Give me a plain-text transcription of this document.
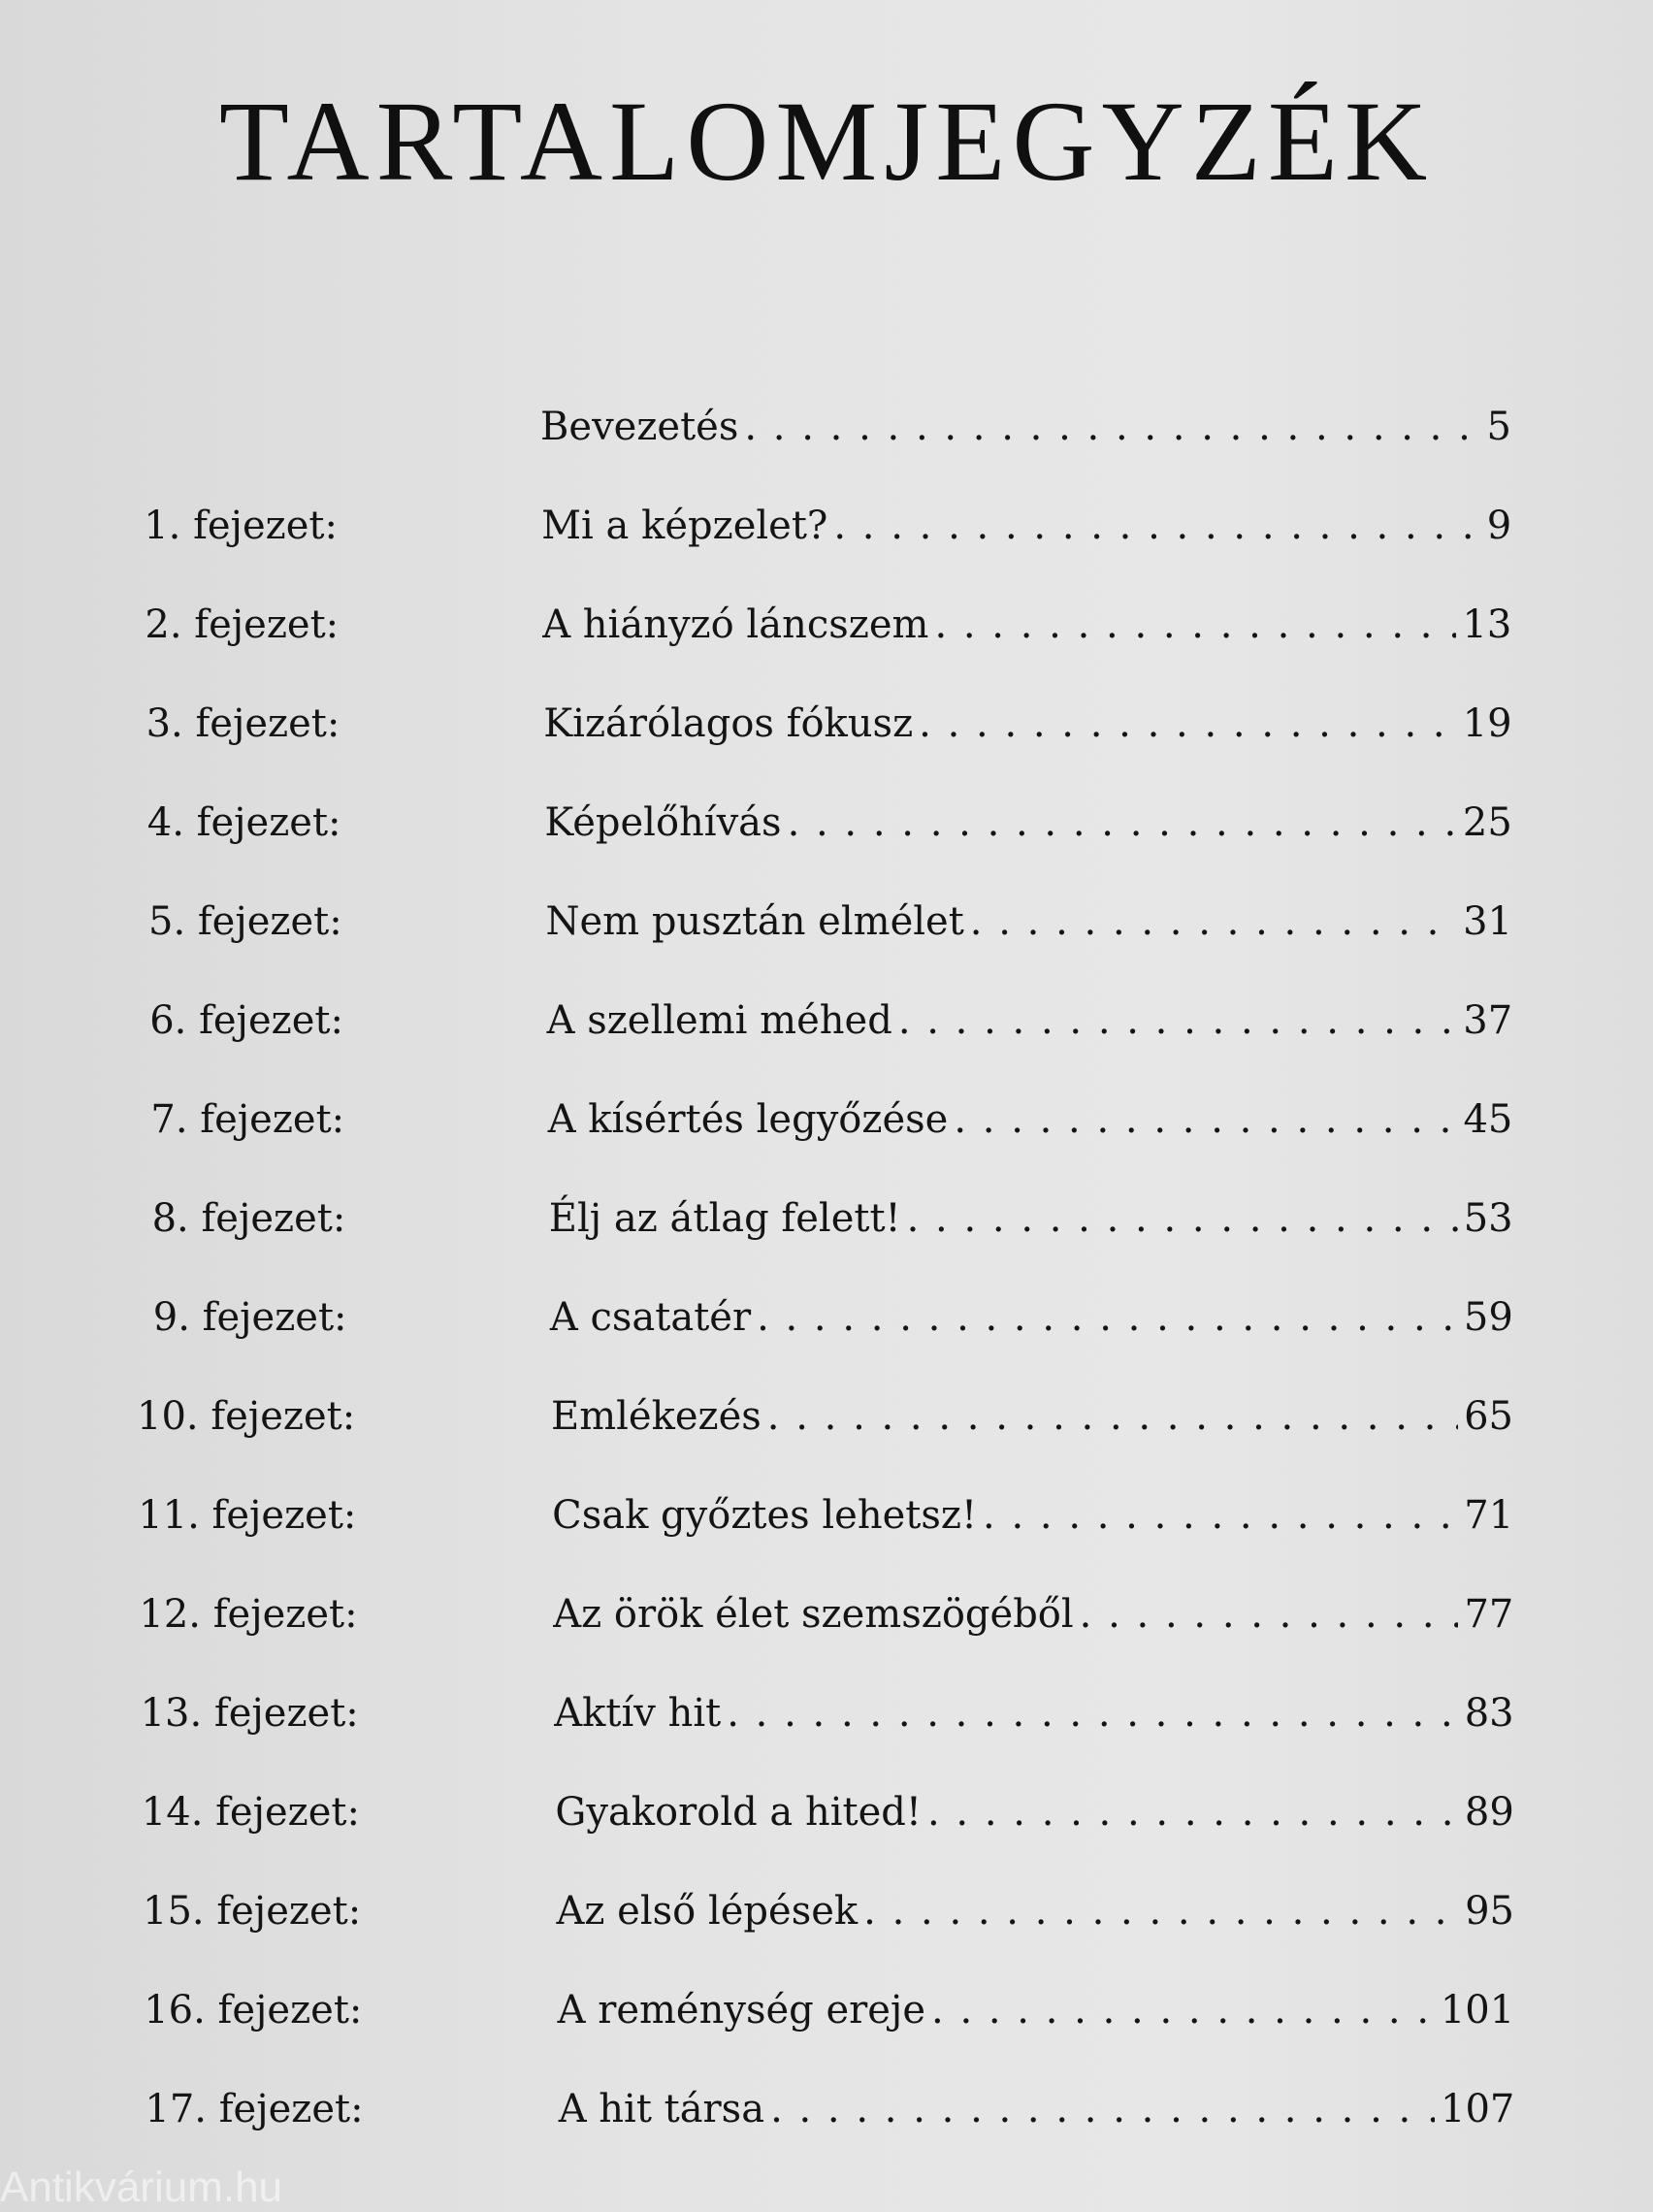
TARTALOMJEGYZÉK
Bevezetés . . .	5
1. fejezet:	Mi a képzelet? . . .	9
2. fejezet:	A hiányzó láncszem . . .	13
3. fejezet:	Kizárólagos fókusz . . .	19
4. fejezet:	Képelőhívás . . .	25
5. fejezet:	Nem pusztán elmélet . . .	31
6. fejezet:	A szellemi méhed . . .	37
7. fejezet:	A kísértés legyőzése . . .	45
8. fejezet:	Élj az átlag felett! . . .	53
9. fejezet:	A csatatér . . .	59
10. fejezet:	Emlékezés . . .	65
11. fejezet:	Csak győztes lehetsz! . . .	71
12. fejezet:	Az örök élet szemszögéből . . .	77
13. fejezet:	Aktív hit . . .	83
14. fejezet:	Gyakorold a hited! . . .	89
15. fejezet:	Az első lépések . . .	95
16. fejezet:	A reménység ereje . . .	101
17. fejezet:	A hit társa . . .	107
Antikvárium.hu
